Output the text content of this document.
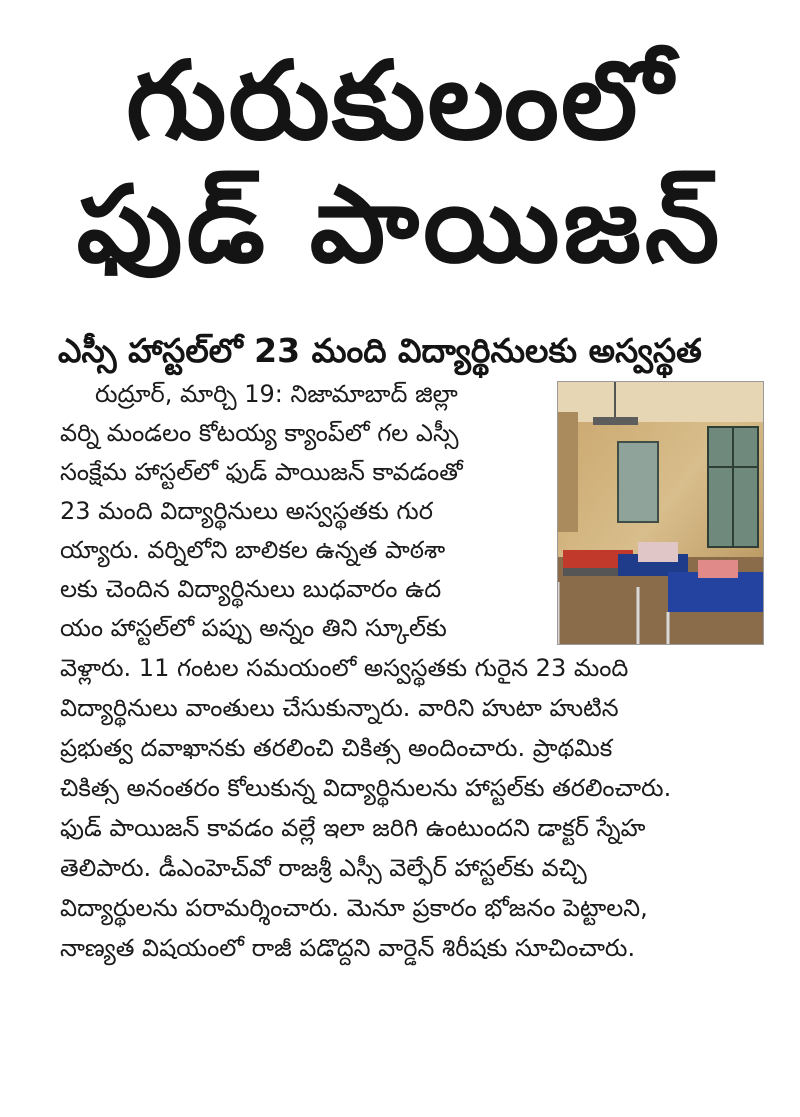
గురుకులంలో
ఫుడ్ పాయిజన్
ఎస్సీ హాస్టల్‌లో 23 మంది విద్యార్థినులకు అస్వస్థత
రుద్రూర్, మార్చి 19: నిజామాబాద్ జిల్లా
వర్ని మండలం కోటయ్య క్యాంప్‌లో గల ఎస్సీ
సంక్షేమ హాస్టల్‌లో ఫుడ్ పాయిజన్ కావడంతో
23 మంది విద్యార్థినులు అస్వస్థతకు గుర
య్యారు. వర్నిలోని బాలికల ఉన్నత పాఠశా
లకు చెందిన విద్యార్థినులు బుధవారం ఉద
యం హాస్టల్‌లో పప్పు అన్నం తిని స్కూల్‌కు
వెళ్లారు. 11 గంటల సమయంలో అస్వస్థతకు గురైన 23 మంది
విద్యార్థినులు వాంతులు చేసుకున్నారు. వారిని హుటా హుటిన
ప్రభుత్వ దవాఖానకు తరలించి చికిత్స అందించారు. ప్రాథమిక
చికిత్స అనంతరం కోలుకున్న విద్యార్థినులను హాస్టల్‌కు తరలించారు.
ఫుడ్ పాయిజన్ కావడం వల్లే ఇలా జరిగి ఉంటుందని డాక్టర్ స్నేహ
తెలిపారు. డీఎంహెచ్‌వో రాజశ్రీ ఎస్సీ వెల్ఫేర్ హాస్టల్‌కు వచ్చి
విద్యార్థులను పరామర్శించారు. మెనూ ప్రకారం భోజనం పెట్టాలని,
నాణ్యత విషయంలో రాజీ పడొద్దని వార్డెన్ శిరీషకు సూచించారు.
